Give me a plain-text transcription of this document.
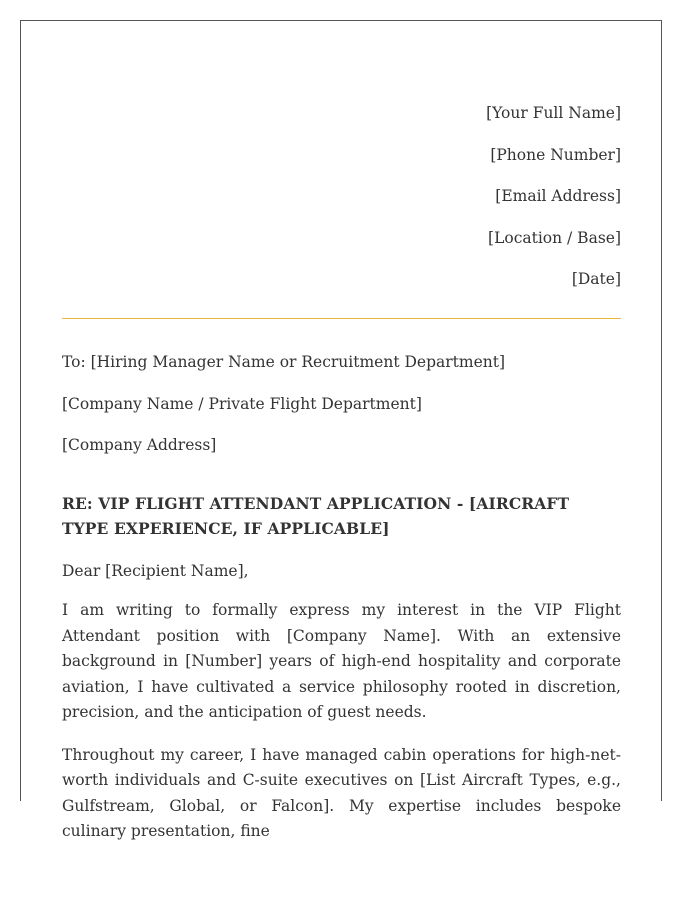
[Your Full Name]
[Phone Number]
[Email Address]
[Location / Base]
[Date]
To: [Hiring Manager Name or Recruitment Department]
[Company Name / Private Flight Department]
[Company Address]
RE: VIP FLIGHT ATTENDANT APPLICATION - [AIRCRAFT TYPE EXPERIENCE, IF APPLICABLE]
Dear [Recipient Name],
I am writing to formally express my interest in the VIP Flight Attendant position with [Company Name]. With an extensive background in [Number] years of high-end hospitality and corporate aviation, I have cultivated a service philosophy rooted in discretion, precision, and the anticipation of guest needs.
Throughout my career, I have managed cabin operations for high-net-worth individuals and C-suite executives on [List Aircraft Types, e.g., Gulfstream, Global, or Falcon]. My expertise includes bespoke culinary presentation, fine
